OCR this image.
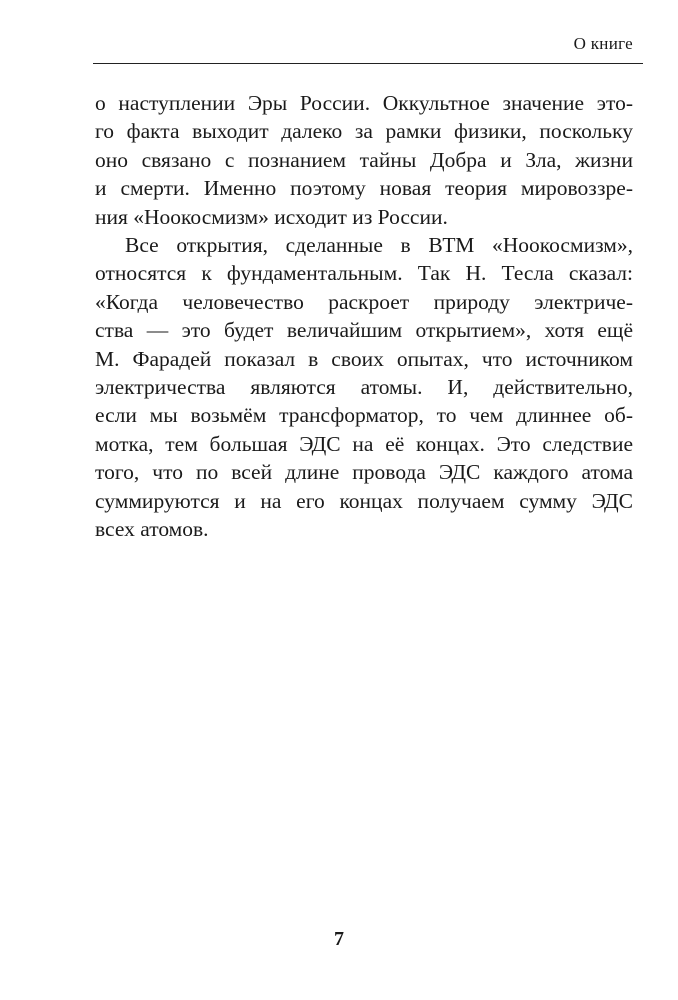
О книге
о наступлении Эры России. Оккультное значение это-
го факта выходит далеко за рамки физики, поскольку
оно связано с познанием тайны Добра и Зла, жизни
и смерти. Именно поэтому новая теория мировоззре-
ния «Ноокосмизм» исходит из России.
Все открытия, сделанные в ВТМ «Ноокосмизм»,
относятся к фундаментальным. Так Н. Тесла сказал:
«Когда человечество раскроет природу электриче-
ства — это будет величайшим открытием», хотя ещё
М. Фарадей показал в своих опытах, что источником
электричества являются атомы. И, действительно,
если мы возьмём трансформатор, то чем длиннее об-
мотка, тем большая ЭДС на её концах. Это следствие
того, что по всей длине провода ЭДС каждого атома
суммируются и на его концах получаем сумму ЭДС
всех атомов.
7
